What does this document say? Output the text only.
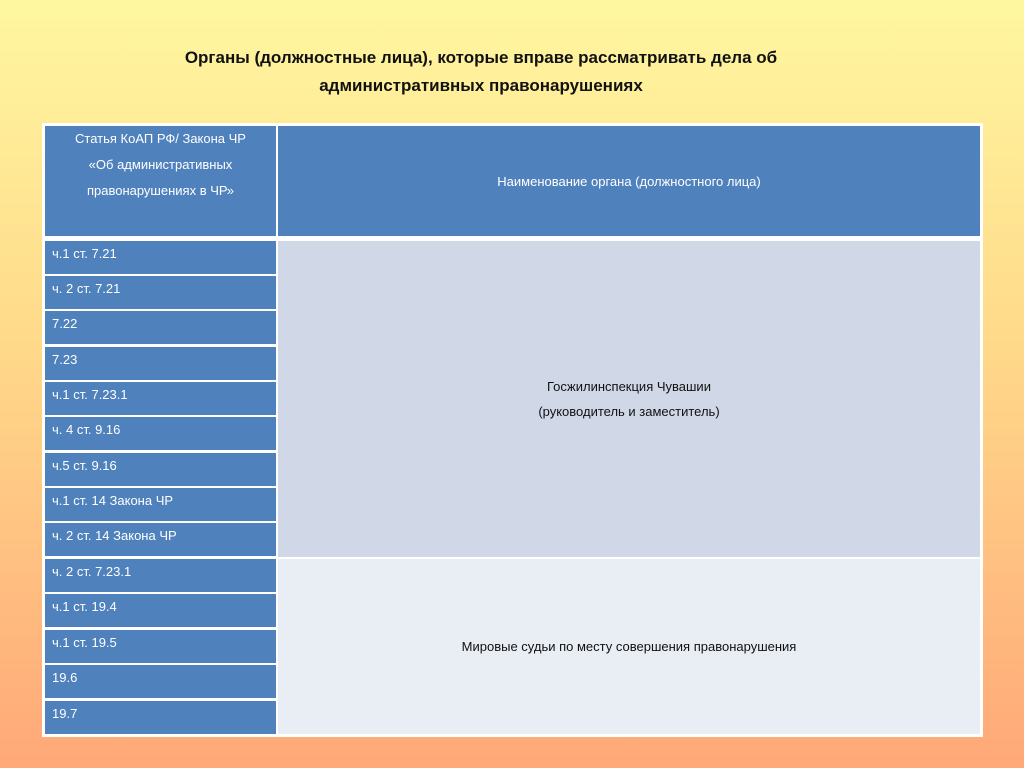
Органы (должностные лица), которые вправе рассматривать дела об
административных правонарушениях
Статья КоАП РФ/ Закона ЧР
«Об административных
правонарушениях в ЧР»
Наименование органа (должностного лица)
ч.1 ст. 7.21
ч. 2 ст. 7.21
7.22
7.23
ч.1 ст. 7.23.1
ч. 4 ст. 9.16
ч.5 ст. 9.16
ч.1 ст. 14 Закона ЧР
ч. 2 ст. 14 Закона ЧР
ч. 2 ст. 7.23.1
ч.1 ст. 19.4
ч.1 ст. 19.5
19.6
19.7
Госжилинспекция Чувашии
(руководитель и заместитель)
Мировые судьи по месту совершения правонарушения
